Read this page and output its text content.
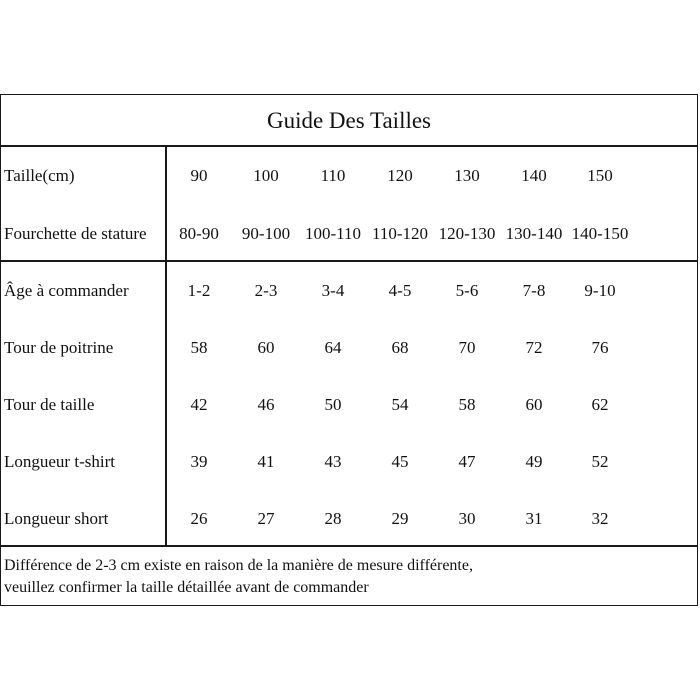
Guide Des Tailles
Taille(cm)	90	100	110	120	130	140	150
Fourchette de stature	80-90	90-100 100-110 110-120 120-130 130-140 140-150
Âge à commander	1-2	2-3	3-4	4-5	5-6	7-8	9-10
Tour de poitrine	58	60	64	68	70	72	76
Tour de taille	42	46	50	54	58	60	62
Longueur t-shirt	39	41	43	45	47	49	52
Longueur short	26	27	28	29	30	31	32
Différence de 2-3 cm existe en raison de la manière de mesure différente,
veuillez confirmer la taille détaillée avant de commander
